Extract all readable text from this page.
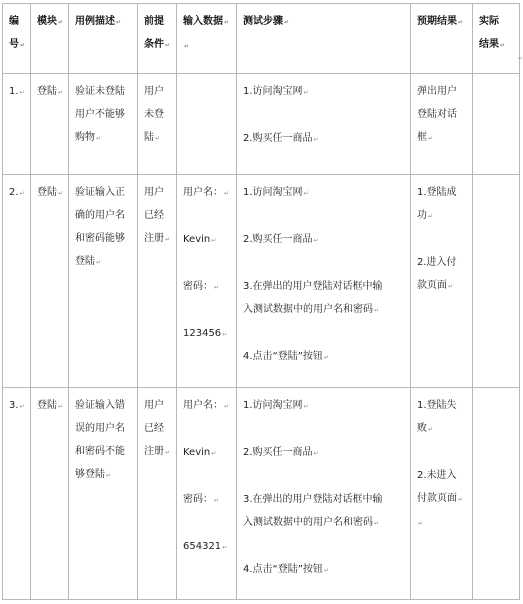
编
号↵	模块↵	用例描述↵	前提
条件↵	输入数据↵
↵	测试步骤↵	预期结果↵	实际
结果↵

1.↵	登陆↵	验证未登陆
用户不能够
购物↵	用户
未登
陆↵		1.访问淘宝网↵
2.购买任一商品↵	弹出用户
登陆对话
框↵	

2.↵	登陆↵	验证输入正
确的用户名
和密码能够
登陆↵	用户
已经
注册↵	用户名：↵
Kevin↵
密码：↵
123456↵	1.访问淘宝网↵
2.购买任一商品↵
3.在弹出的用户登陆对话框中输
入测试数据中的用户名和密码↵
4.点击“登陆”按钮↵	1.登陆成
功↵
2.进入付
款页面↵	

3.↵	登陆↵	验证输入错
误的用户名
和密码不能
够登陆↵	用户
已经
注册↵	用户名：↵
Kevin↵
密码：↵
654321↵	1.访问淘宝网↵
2.购买任一商品↵
3.在弹出的用户登陆对话框中输
入测试数据中的用户名和密码↵
4.点击“登陆”按钮↵	1.登陆失
败↵
2.未进入
付款页面↵
↵	

↵
